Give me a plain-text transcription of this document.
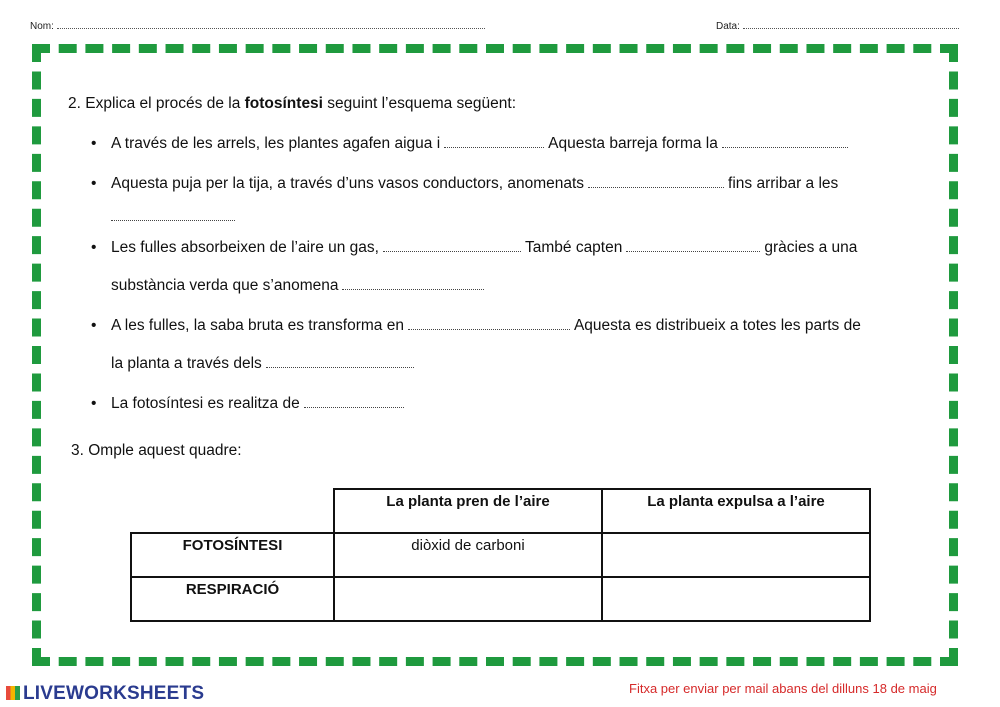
Nom:	Data:
2. Explica el procés de la fotosíntesi seguint l’esquema següent:
• A través de les arrels, les plantes agafen aigua i	Aquesta barreja forma la
• Aquesta puja per la tija, a través d’uns vasos conductors, anomenats	fins arribar a les
• Les fulles absorbeixen de l’aire un gas,	També capten	gràcies a una
substància verda que s’anomena
• A les fulles, la saba bruta es transforma en	Aquesta es distribueix a totes les parts de
la planta a través dels
• La fotosíntesi es realitza de
3. Omple aquest quadre:
	La planta pren de l’aire	La planta expulsa a l’aire
FOTOSÍNTESI	diòxid de carboni	
RESPIRACIÓ		
LIVEWORKSHEETS	Fitxa per enviar per mail abans del dilluns 18 de maig
